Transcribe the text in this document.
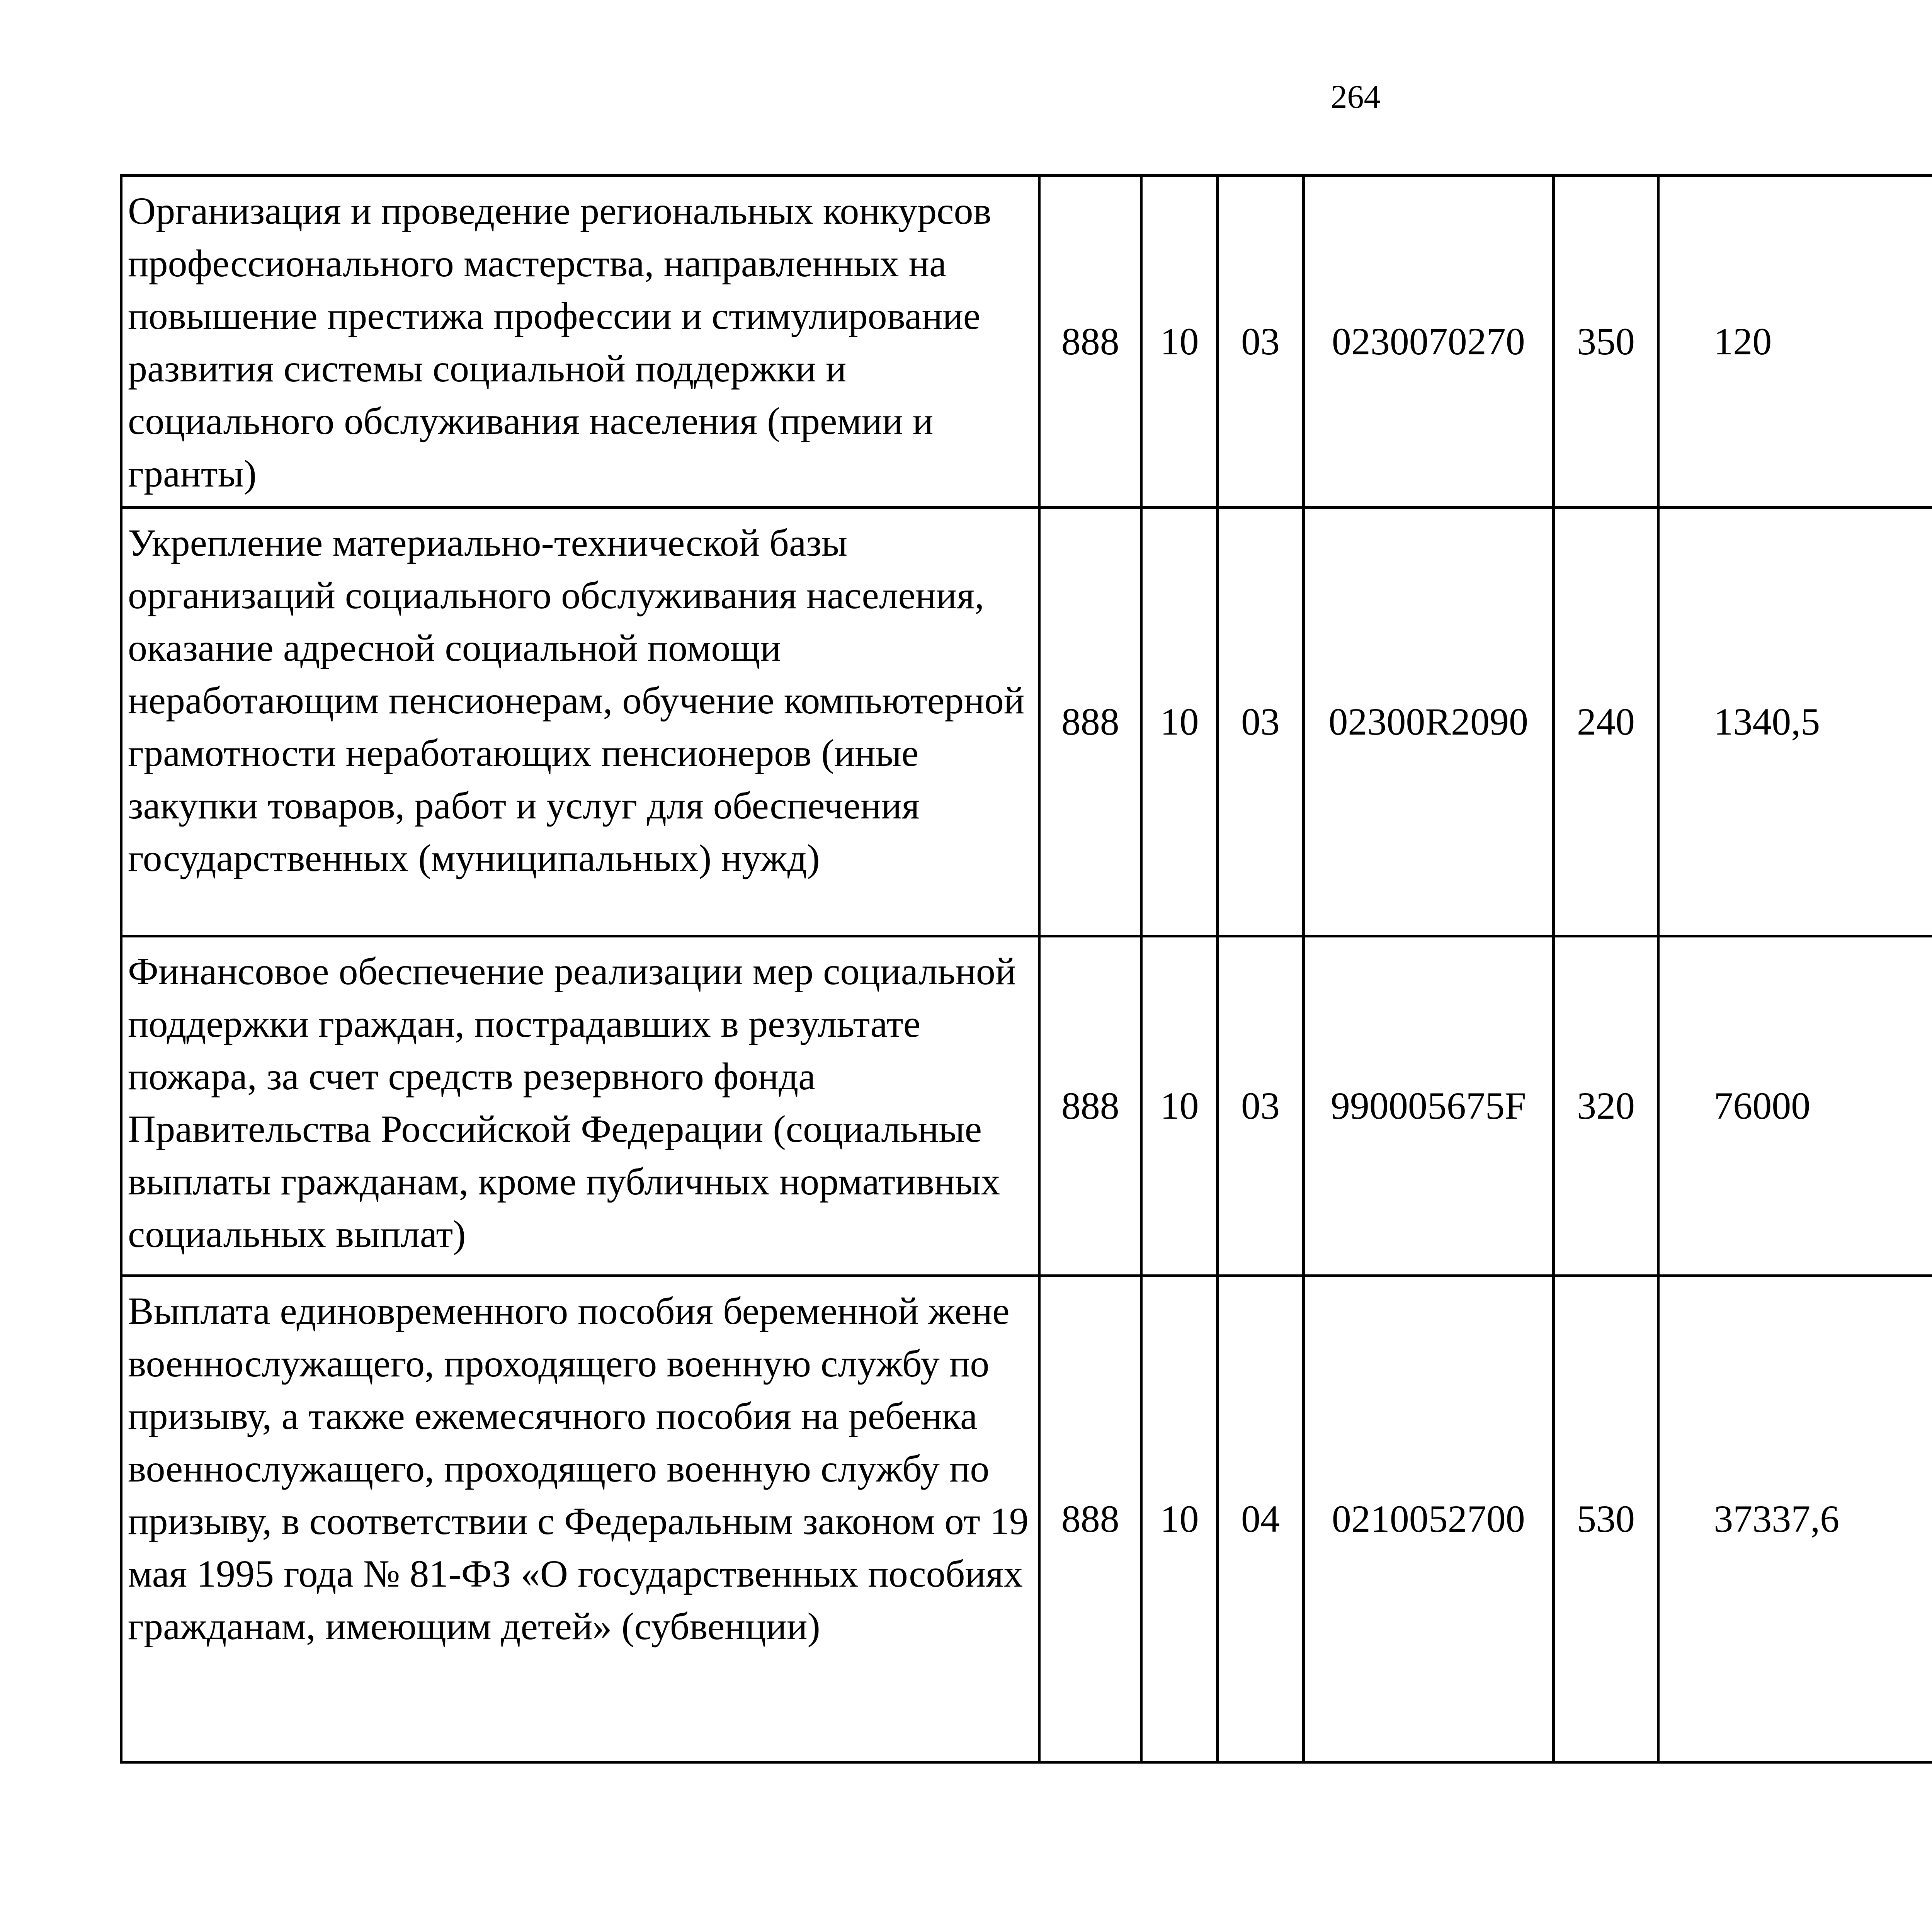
264
Организация и проведение региональных конкурсов профессионального мастерства, направленных на повышение престижа профессии и стимулирование развития системы социальной поддержки и социального обслуживания населения (премии и гранты)	888	10	03	0230070270	350	120		
Укрепление материально-технической базы организаций социального обслуживания населения, оказание адресной социальной помощи неработающим пенсионерам, обучение компьютерной грамотности неработающих пенсионеров (иные закупки товаров, работ и услуг для обеспечения государственных (муниципальных) нужд)	888	10	03	02300R2090	240	1340,5		
Финансовое обеспечение реализации мер социальной поддержки граждан, пострадавших в результате пожара, за счет средств резервного фонда Правительства Российской Федерации (социальные выплаты гражданам, кроме публичных нормативных социальных выплат)	888	10	03	990005675F	320	76000		
Выплата единовременного пособия беременной жене военнослужащего, проходящего военную службу по призыву, а также ежемесячного пособия на ребенка военнослужащего, проходящего военную службу по призыву, в соответствии с Федеральным законом от 19 мая 1995 года № 81-ФЗ «О государственных пособиях гражданам, имеющим детей» (субвенции)	888	10	04	0210052700	530	37337,6		
